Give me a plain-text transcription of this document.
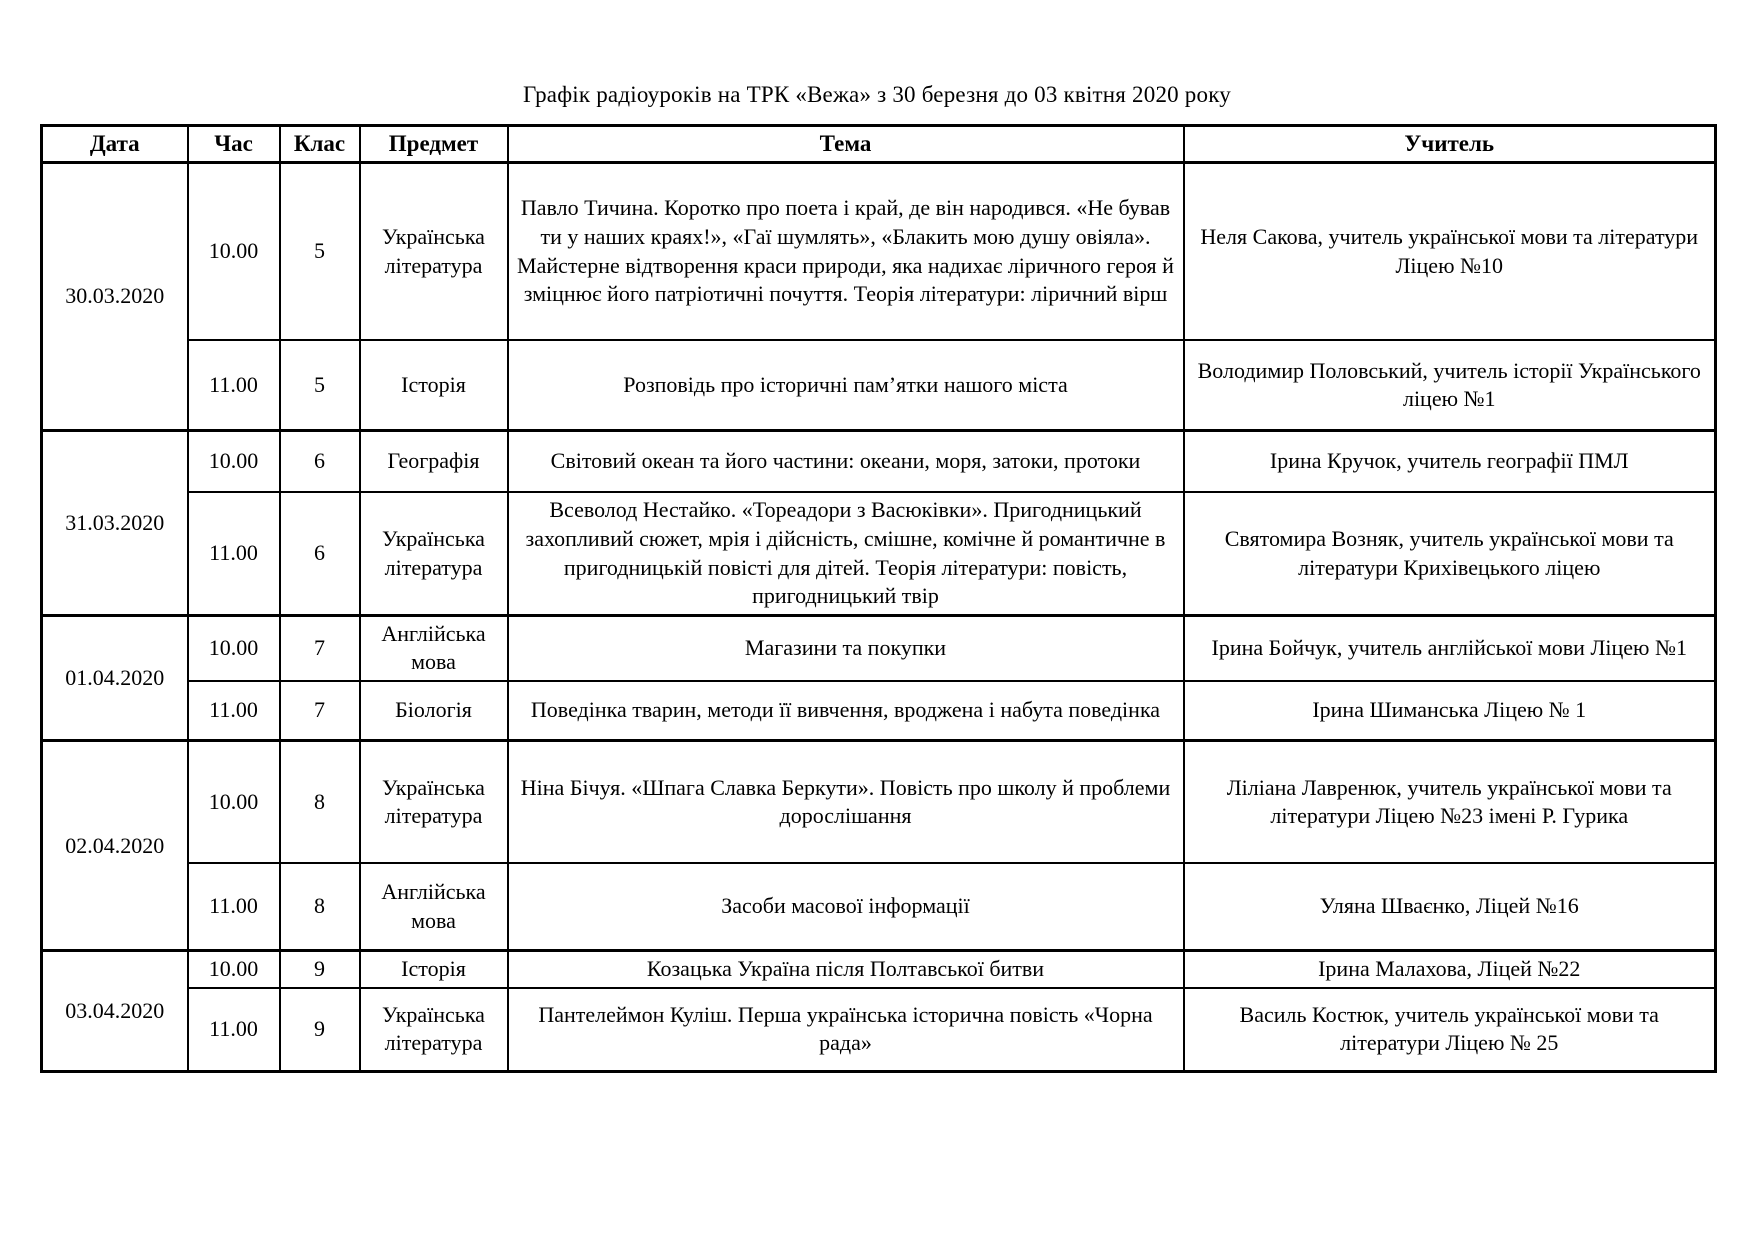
Графік радіоуроків на ТРК «Вежа» з 30 березня до 03 квітня 2020 року

Дата	Час	Клас	Предмет	Тема	Учитель
30.03.2020	10.00	5	Українська література	Павло Тичина. Коротко про поета і край, де він народився. «Не бував ти у наших краях!», «Гаї шумлять», «Блакить мою душу овіяла». Майстерне відтворення краси природи, яка надихає ліричного героя й зміцнює його патріотичні почуття. Теорія літератури: ліричний вірш	Неля Сакова, учитель української мови та літератури Ліцею №10
	11.00	5	Історія	Розповідь про історичні пам’ятки нашого міста	Володимир Половський, учитель історії Українського ліцею №1
31.03.2020	10.00	6	Географія	Світовий океан та його частини: океани, моря, затоки, протоки	Ірина Кручок, учитель географії ПМЛ
	11.00	6	Українська література	Всеволод Нестайко. «Тореадори з Васюківки». Пригодницький захопливий сюжет, мрія і дійсність, смішне, комічне й романтичне в пригодницькій повісті для дітей. Теорія літератури: повість, пригодницький твір	Святомира Возняк, учитель української мови та літератури Крихівецького ліцею
01.04.2020	10.00	7	Англійська мова	Магазини та покупки	Ірина Бойчук, учитель англійської мови Ліцею №1
	11.00	7	Біологія	Поведінка тварин, методи її вивчення, вроджена і набута поведінка	Ірина Шиманська Ліцею № 1
02.04.2020	10.00	8	Українська література	Ніна Бічуя. «Шпага Славка Беркути». Повість про школу й проблеми дорослішання	Ліліана Лавренюк, учитель української мови та літератури Ліцею №23 імені Р. Гурика
	11.00	8	Англійська мова	Засоби масової інформації	Уляна Шваєнко, Ліцей №16
03.04.2020	10.00	9	Історія	Козацька Україна після Полтавської битви	Ірина Малахова, Ліцей №22
	11.00	9	Українська література	Пантелеймон Куліш. Перша українська історична повість «Чорна рада»	Василь Костюк, учитель української мови та літератури Ліцею № 25
